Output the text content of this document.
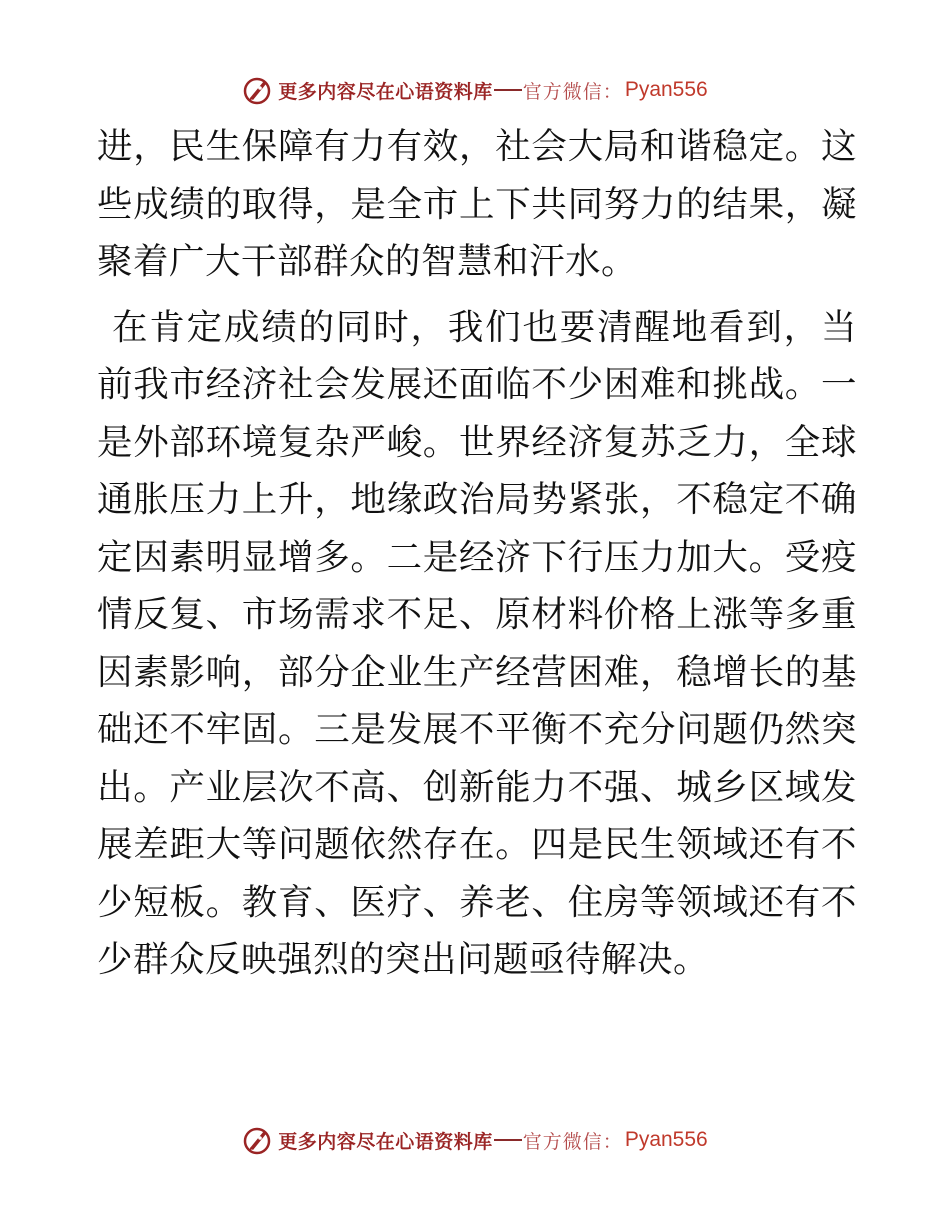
更多内容尽在心语资料库 官方微信： Pyan556

进，民生保障有力有效，社会大局和谐稳定。这些成绩的取得，是全市上下共同努力的结果，凝聚着广大干部群众的智慧和汗水。

在肯定成绩的同时，我们也要清醒地看到，当前我市经济社会发展还面临不少困难和挑战。一是外部环境复杂严峻。世界经济复苏乏力，全球通胀压力上升，地缘政治局势紧张，不稳定不确定因素明显增多。二是经济下行压力加大。受疫情反复、市场需求不足、原材料价格上涨等多重因素影响，部分企业生产经营困难，稳增长的基础还不牢固。三是发展不平衡不充分问题仍然突出。产业层次不高、创新能力不强、城乡区域发展差距大等问题依然存在。四是民生领域还有不少短板。教育、医疗、养老、住房等领域还有不少群众反映强烈的突出问题亟待解决。

更多内容尽在心语资料库 官方微信： Pyan556
